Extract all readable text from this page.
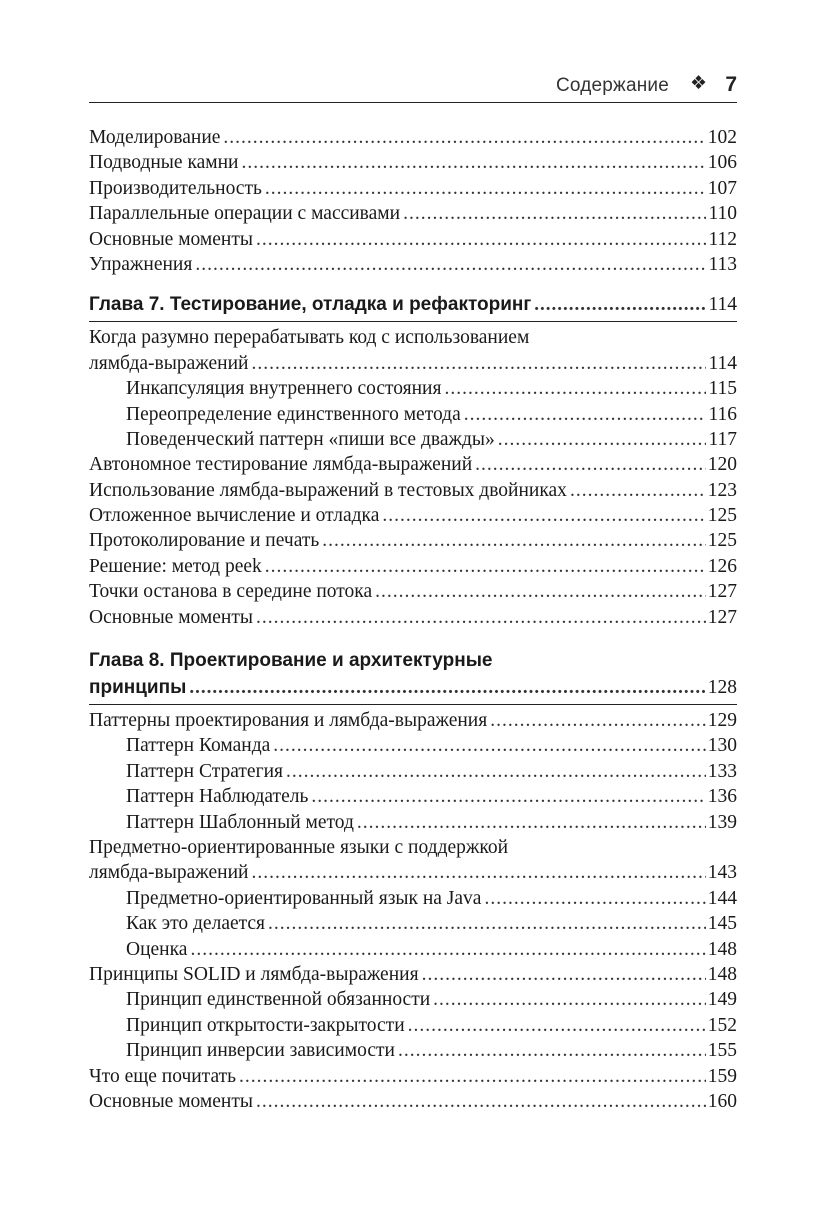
Содержание ❖ 7
Моделирование .....	102
Подводные камни .....	106
Производительность .....	107
Параллельные операции с массивами .....	110
Основные моменты .....	112
Упражнения .....	113
Глава 7. Тестирование, отладка и рефакторинг .....	114
Когда разумно перерабатывать код с использованием
лямбда-выражений .....	114
Инкапсуляция внутреннего состояния .....	115
Переопределение единственного метода .....	116
Поведенческий паттерн «пиши все дважды» .....	117
Автономное тестирование лямбда-выражений .....	120
Использование лямбда-выражений в тестовых двойниках .....	123
Отложенное вычисление и отладка .....	125
Протоколирование и печать .....	125
Решение: метод peek .....	126
Точки останова в середине потока .....	127
Основные моменты .....	127
Глава 8. Проектирование и архитектурные
принципы .....	128
Паттерны проектирования и лямбда-выражения .....	129
Паттерн Команда .....	130
Паттерн Стратегия .....	133
Паттерн Наблюдатель .....	136
Паттерн Шаблонный метод .....	139
Предметно-ориентированные языки с поддержкой
лямбда-выражений .....	143
Предметно-ориентированный язык на Java .....	144
Как это делается .....	145
Оценка .....	148
Принципы SOLID и лямбда-выражения .....	148
Принцип единственной обязанности .....	149
Принцип открытости-закрытости .....	152
Принцип инверсии зависимости .....	155
Что еще почитать .....	159
Основные моменты .....	160
